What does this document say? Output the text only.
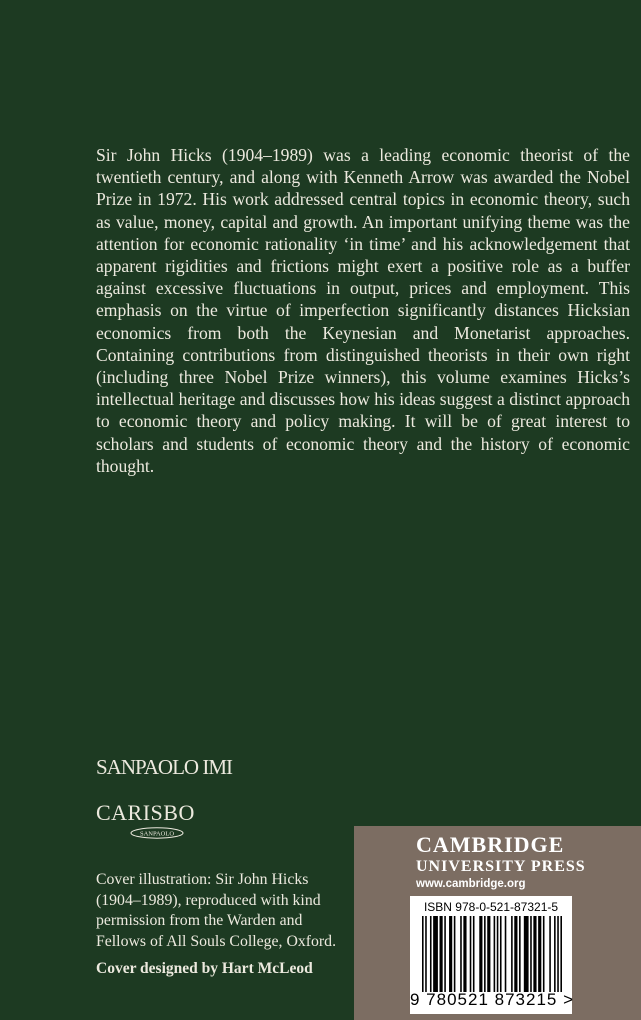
Sir John Hicks (1904–1989) was a leading economic theorist of the twentieth century, and along with Kenneth Arrow was awarded the Nobel Prize in 1972. His work addressed central topics in economic theory, such as value, money, capital and growth. An important unifying theme was the attention for economic rationality ‘in time’ and his acknowledgement that apparent rigidities and frictions might exert a positive role as a buffer against excessive fluctuations in output, prices and employment. This emphasis on the virtue of imperfection significantly distances Hicksian economics from both the Keynesian and Monetarist approaches. Containing contributions from distinguished theorists in their own right (including three Nobel Prize winners), this volume examines Hicks’s intellectual heritage and discusses how his ideas suggest a distinct approach to economic theory and policy making. It will be of great interest to scholars and students of economic theory and the history of economic thought.

SANPAOLO IMI
CARISBO
SANPAOLO

Cover illustration: Sir John Hicks (1904–1989), reproduced with kind permission from the Warden and Fellows of All Souls College, Oxford.

Cover designed by Hart McLeod
CAMBRIDGE
UNIVERSITY PRESS
www.cambridge.org
ISBN 978-0-521-87321-5
9 780521 873215 >
